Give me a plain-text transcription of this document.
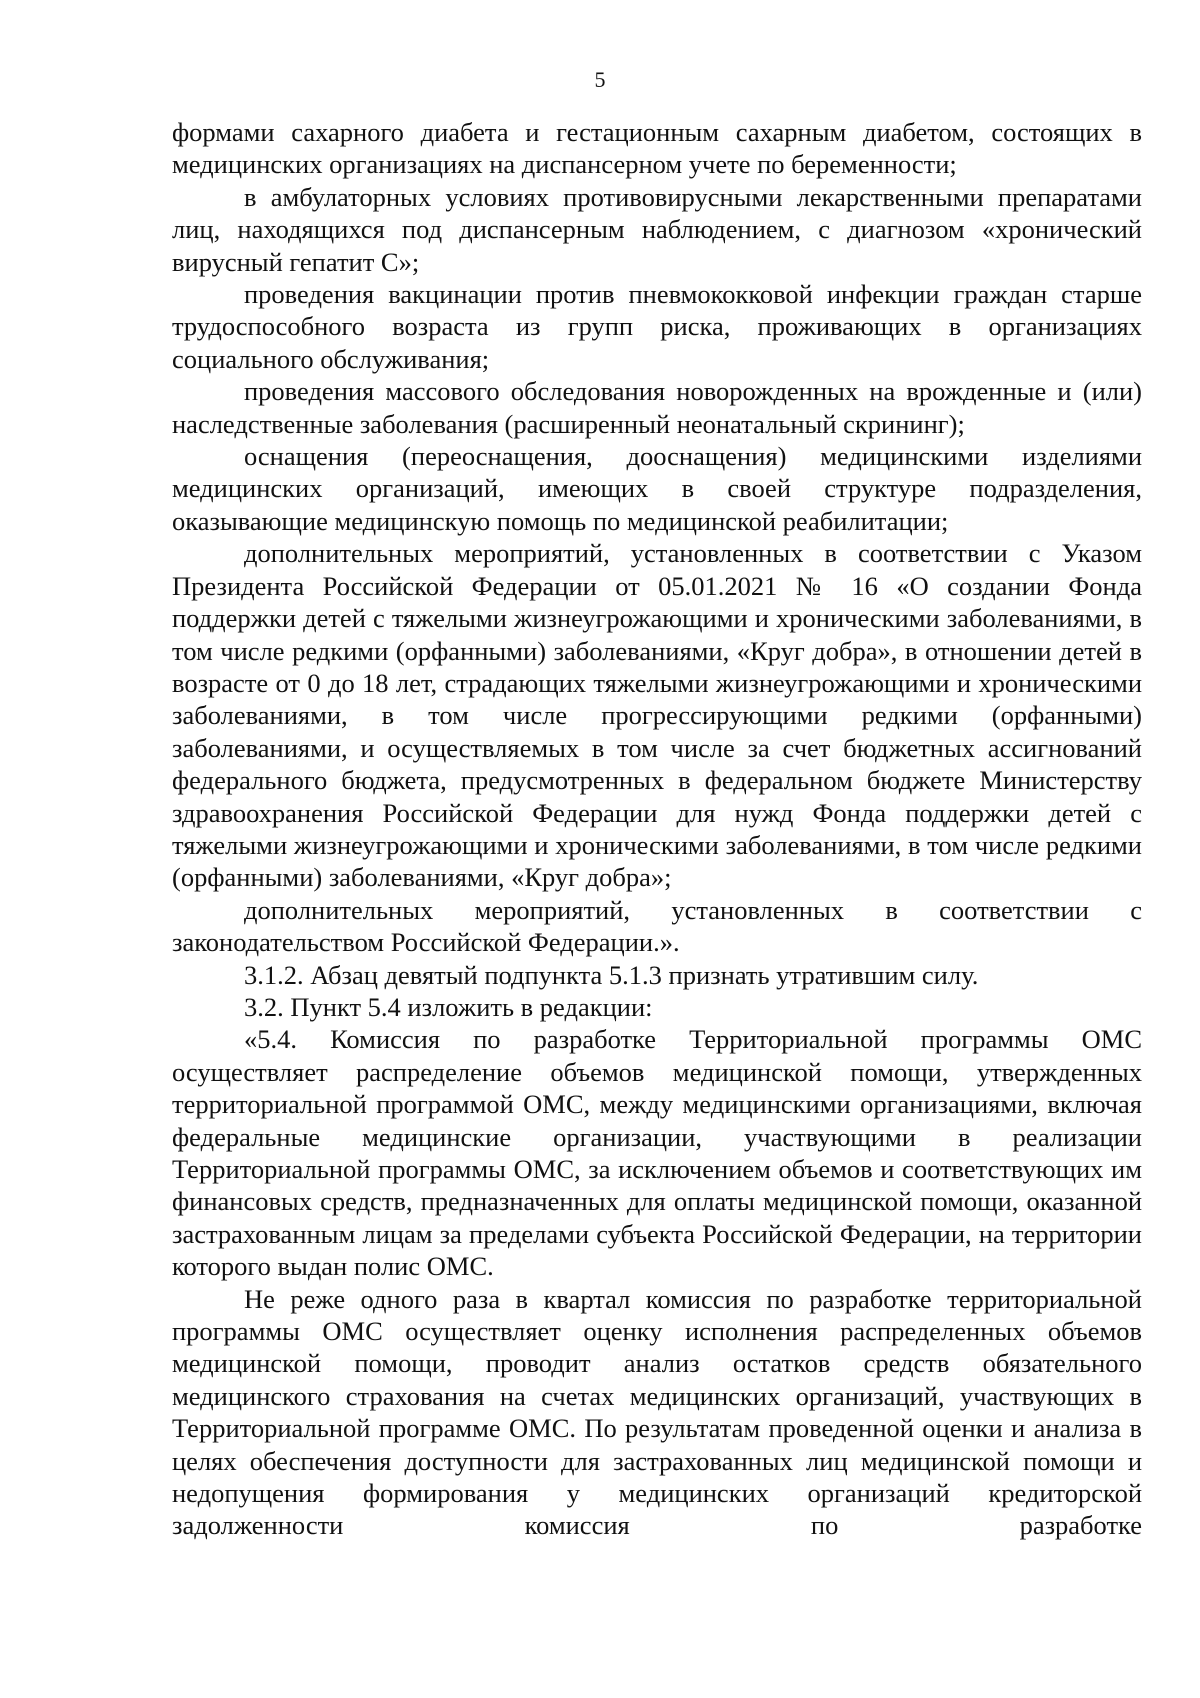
5

формами сахарного диабета и гестационным сахарным диабетом, состоящих в медицинских организациях на диспансерном учете по беременности;

в амбулаторных условиях противовирусными лекарственными препаратами лиц, находящихся под диспансерным наблюдением, с диагнозом «хронический вирусный гепатит С»;

проведения вакцинации против пневмококковой инфекции граждан старше трудоспособного возраста из групп риска, проживающих в организациях социального обслуживания;

проведения массового обследования новорожденных на врожденные и (или) наследственные заболевания (расширенный неонатальный скрининг);

оснащения (переоснащения, дооснащения) медицинскими изделиями медицинских организаций, имеющих в своей структуре подразделения, оказывающие медицинскую помощь по медицинской реабилитации;

дополнительных мероприятий, установленных в соответствии с Указом Президента Российской Федерации от 05.01.2021 № 16 «О создании Фонда поддержки детей с тяжелыми жизнеугрожающими и хроническими заболеваниями, в том числе редкими (орфанными) заболеваниями, «Круг добра», в отношении детей в возрасте от 0 до 18 лет, страдающих тяжелыми жизнеугрожающими и хроническими заболеваниями, в том числе прогрессирующими редкими (орфанными) заболеваниями, и осуществляемых в том числе за счет бюджетных ассигнований федерального бюджета, предусмотренных в федеральном бюджете Министерству здравоохранения Российской Федерации для нужд Фонда поддержки детей с тяжелыми жизнеугрожающими и хроническими заболеваниями, в том числе редкими (орфанными) заболеваниями, «Круг добра»;

дополнительных мероприятий, установленных в соответствии с законодательством Российской Федерации.».

3.1.2. Абзац девятый подпункта 5.1.3 признать утратившим силу.

3.2. Пункт 5.4 изложить в редакции:

«5.4. Комиссия по разработке Территориальной программы ОМС осуществляет распределение объемов медицинской помощи, утвержденных территориальной программой ОМС, между медицинскими организациями, включая федеральные медицинские организации, участвующими в реализации Территориальной программы ОМС, за исключением объемов и соответствующих им финансовых средств, предназначенных для оплаты медицинской помощи, оказанной застрахованным лицам за пределами субъекта Российской Федерации, на территории которого выдан полис ОМС.

Не реже одного раза в квартал комиссия по разработке территориальной программы ОМС осуществляет оценку исполнения распределенных объемов медицинской помощи, проводит анализ остатков средств обязательного медицинского страхования на счетах медицинских организаций, участвующих в Территориальной программе ОМС. По результатам проведенной оценки и анализа в целях обеспечения доступности для застрахованных лиц медицинской помощи и недопущения формирования у медицинских организаций кредиторской задолженности комиссия по разработке
